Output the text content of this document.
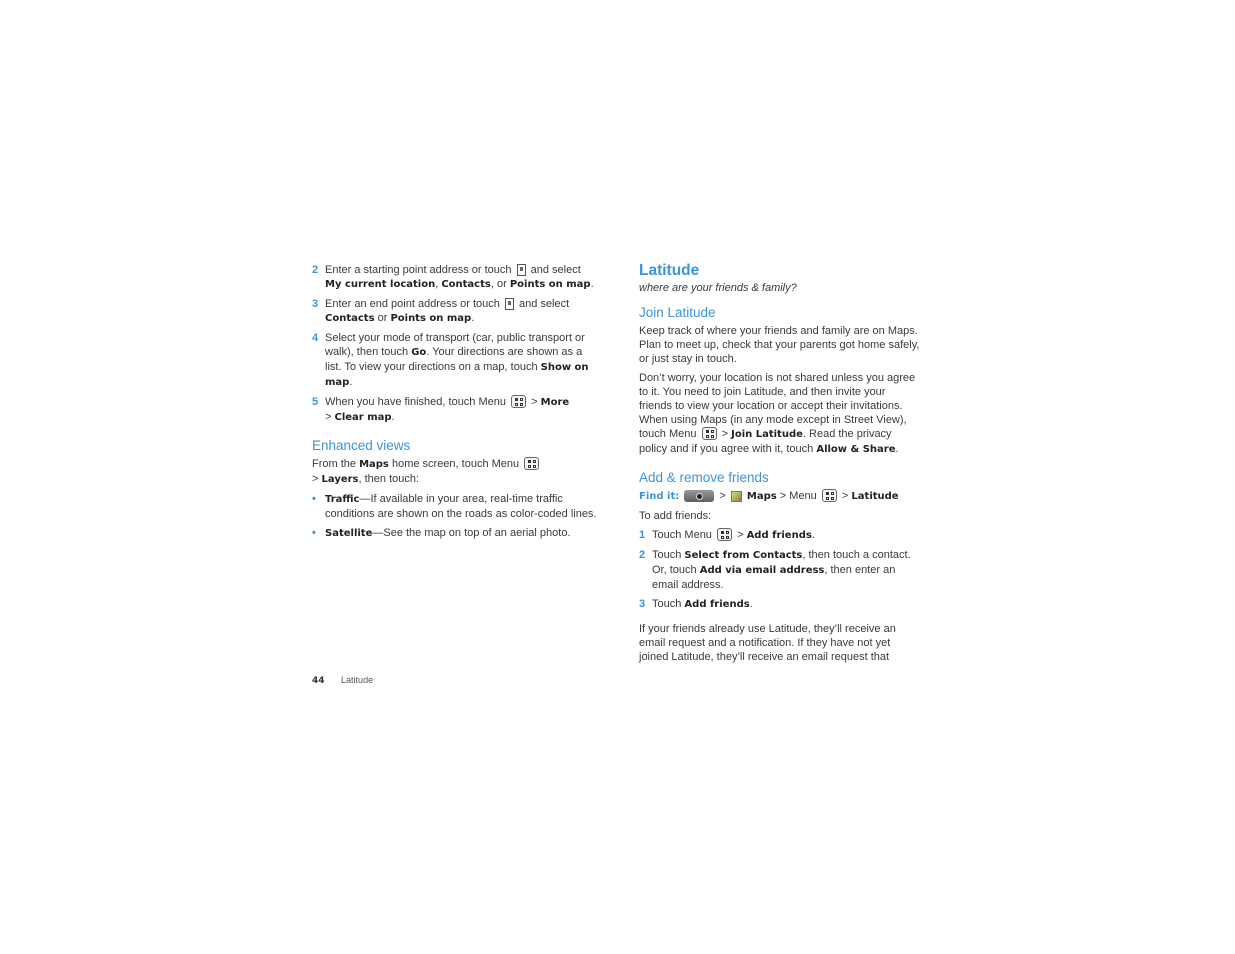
2 Enter a starting point address or touch and select My current location, Contacts, or Points on map.
3 Enter an end point address or touch and select Contacts or Points on map.
4 Select your mode of transport (car, public transport or walk), then touch Go. Your directions are shown as a list. To view your directions on a map, touch Show on map.
5 When you have finished, touch Menu > More
> Clear map.
Enhanced views

From the Maps home screen, touch Menu

> Layers, then touch:

• Traffic—If available in your area, real-time traffic conditions are shown on the roads as color-coded lines.
• Satellite—See the map on top of an aerial photo.
Latitude
where are your friends & family?
Join Latitude

Keep track of where your friends and family are on Maps. Plan to meet up, check that your parents got home safely, or just stay in touch.

Don’t worry, your location is not shared unless you agree to it. You need to join Latitude, and then invite your friends to view your location or accept their invitations. When using Maps (in any mode except in Street View), touch Menu > Join Latitude. Read the privacy policy and if you agree with it, touch Allow & Share.

Add & remove friends

Find it:	> Maps > Menu > Latitude

To add friends:

1 Touch Menu > Add friends.
2 Touch Select from Contacts, then touch a contact. Or, touch Add via email address, then enter an email address.
3 Touch Add friends.

If your friends already use Latitude, they’ll receive an email request and a notification. If they have not yet joined Latitude, they’ll receive an email request that

44 Latitude
